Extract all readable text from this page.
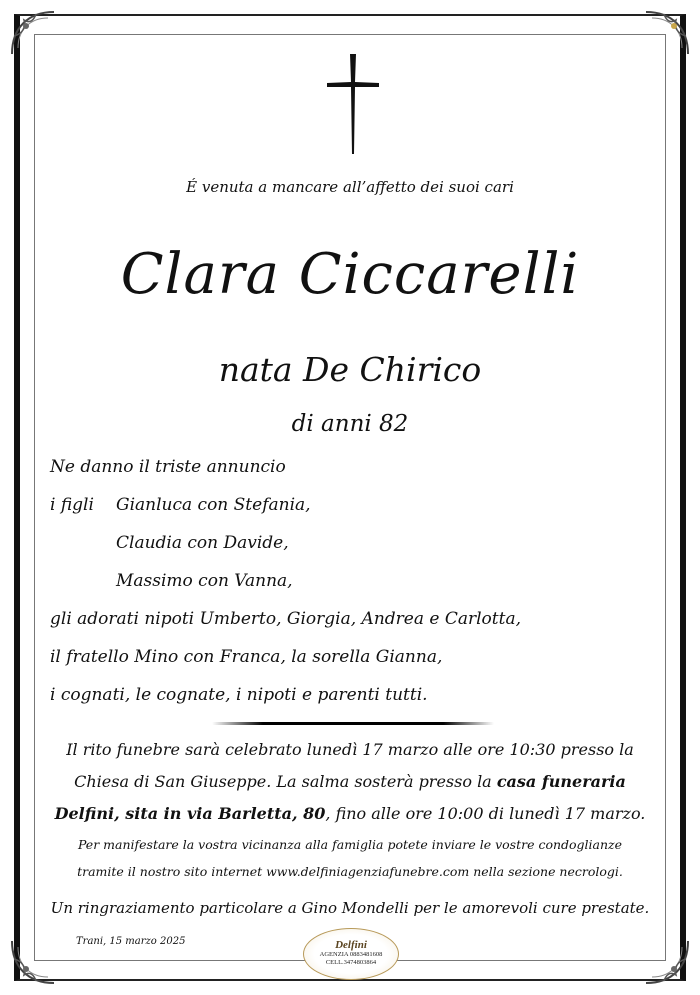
É venuta a mancare all’affetto dei suoi cari
Clara Ciccarelli
nata De Chirico
di anni 82
Ne danno il triste annuncio
i figli Gianluca con Stefania,
Claudia con Davide,
Massimo con Vanna,
gli adorati nipoti Umberto, Giorgia, Andrea e Carlotta,
il fratello Mino con Franca, la sorella Gianna,
i cognati, le cognate, i nipoti e parenti tutti.
Il rito funebre sarà celebrato lunedì 17 marzo alle ore 10:30 presso la
Chiesa di San Giuseppe. La salma sosterà presso la casa funeraria
Delfini, sita in via Barletta, 80, fino alle ore 10:00 di lunedì 17 marzo.
Per manifestare la vostra vicinanza alla famiglia potete inviare le vostre condoglianze
tramite il nostro sito internet www.delfiniagenziafunebre.com nella sezione necrologi.
Un ringraziamento particolare a Gino Mondelli per le amorevoli cure prestate.
Trani, 15 marzo 2025	Delfini
AGENZIA 0883481608
CELL.3474803864
